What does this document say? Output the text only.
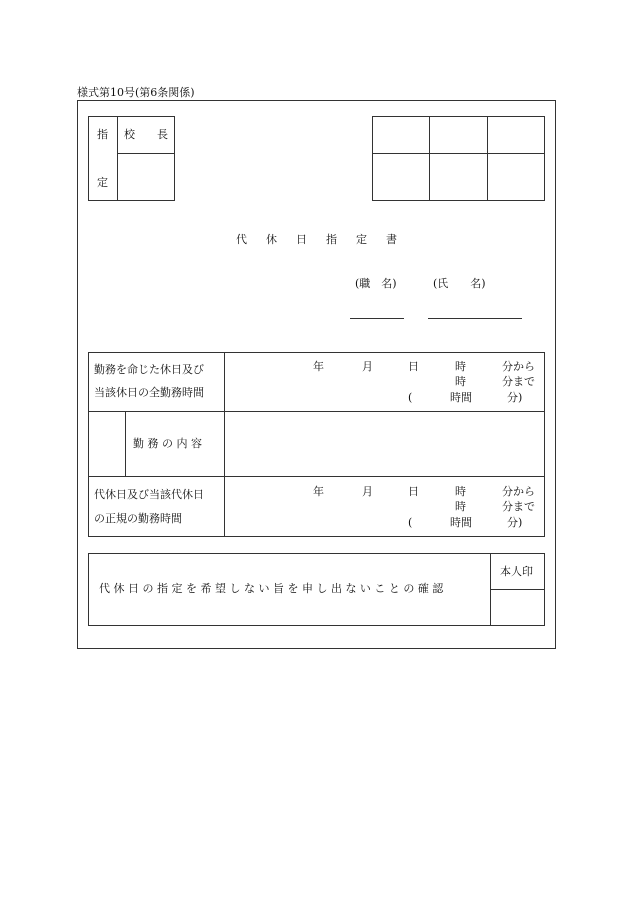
様式第10号(第6条関係)
指
定
校 長
代 休 日 指 定 書
(職　名)	(氏　　名)
勤務を命じた休日及び
当該休日の全勤務時間
年	月	日	時	分から
時	分まで
(	時間	分)
勤 務 の 内 容
代休日及び当該代休日
の正規の勤務時間
年	月	日	時	分から
時	分まで
(	時間	分)
代 休 日 の 指 定 を 希 望 し な い 旨 を 申 し 出 な い こ と の 確 認
本人印
